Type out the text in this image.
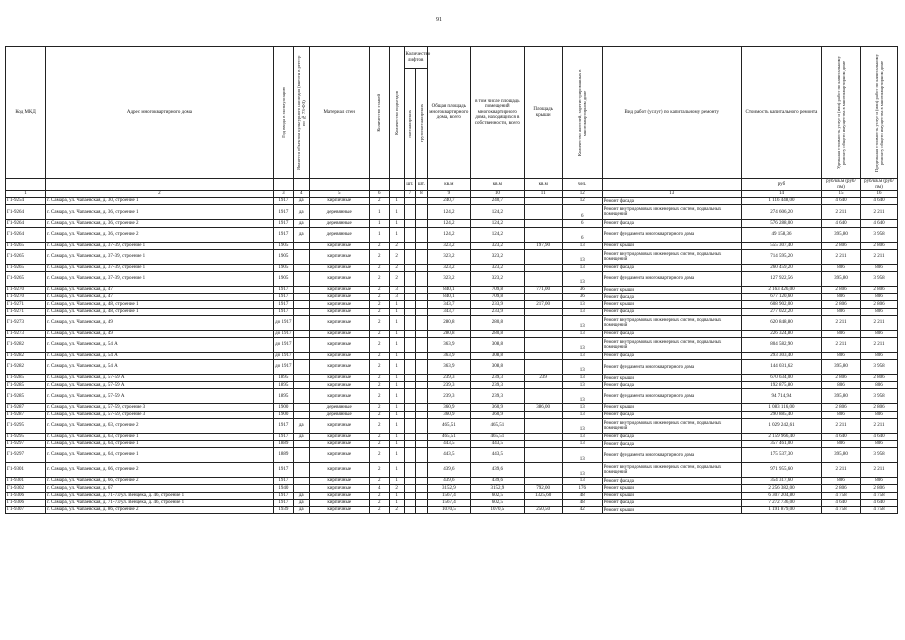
91
Код МКД	Адрес многоквартирного дома	Год ввода в эксплуатацию	Является объектом культурного наследия (внесен в реестр по № 73-ФЗ)	Материал стен	Количество этажей	Количество подъездов	Количество лифтов		Общая площадь многоквартирного дома, всего	в том числе площадь помещений многоквартирного дома, находящихся в собственности, всего	Площадь крыши	Количество жителей, зарегистрированных в многоквартирном доме	Вид работ (услуг) по капитальному ремонту	Стоимость капитального ремонта	Удельная стоимость услуг и (или) работ по капитальному ремонту общего имущества в многоквартирном доме	Предельная стоимость услуг и (или) работ по капитальному ремонту общего имущества в многоквартирном доме

							пассажирских	грузопассажирских								

							шт.	шт.	кв.м	кв.м	кв.м	чел.		руб	руб/кв.м (руб/пм)	руб/кв.м (руб/пм)
1	2	3	4	5	6		7	8	9	10	11	12	13	14	15	16
Г1-9254	г. Самара, ул. Чапаевская, д. 30, строение 1	1917	да	кирпичные	2	1			240,7	240,7		12	Ремонт фасада	1 116 448,00	4 640	4 640
Г1-9264	г. Самара, ул. Чапаевская, д. 36, строение 1	1917	да	деревянные	1	1			124,2	124,2		6	Ремонт внутридомовых инженерных систем, подвальных помещений	274 606,20	2 211	2 211
Г1-9264	г. Самара, ул. Чапаевская, д. 36, строение 2	1917	да	деревянные	1	1			124,2	124,2		6	Ремонт фасада	576 288,00	4 640	4 640
Г1-9264	г. Самара, ул. Чапаевская, д. 36, строение 2	1917	да	деревянные	1	1			124,2	124,2		6	Ремонт фундамента многоквартирного дома	49 158,36	395,80	3 958
Г1-9265	г. Самара, ул. Чапаевская, д. 37-39, строение 1	1905		кирпичные	2	2			323,2	323,2	197,90	13	Ремонт крыши	555 307,40	2 806	2 806
Г1-9265	г. Самара, ул. Чапаевская, д. 37-39, строение 1	1905		кирпичные	2	2			323,2	323,2		13	Ремонт внутридомовых инженерных систем, подвальных помещений	714 595,20	2 211	2 211
Г1-9265	г. Самара, ул. Чапаевская, д. 37-39, строение 1	1905		кирпичные	2	2			323,2	323,2		13	Ремонт фасада	260 459,20	806	806
Г1-9265	г. Самара, ул. Чапаевская, д. 37-39, строение 1	1905		кирпичные	2	2			323,2	323,2		13	Ремонт фундамента многоквартирного дома	127 922,56	395,80	3 958
Г1-9270	г. Самара, ул. Чапаевская, д. 47	1917		кирпичные	2	3			840,1	709,8	771,00	36	Ремонт крыши	2 163 426,00	2 806	2 806
Г1-9270	г. Самара, ул. Чапаевская, д. 47	1917		кирпичные	2	3			840,1	709,8		36	Ремонт фасада	677 120,60	806	806
Г1-9271	г. Самара, ул. Чапаевская, д. 48, строение 1	1917		кирпичные	2	1			343,7	233,9	217,00	13	Ремонт крыши	608 902,00	2 806	2 806
Г1-9271	г. Самара, ул. Чапаевская, д. 48, строение 1	1917		кирпичные	2	1			343,7	233,9		13	Ремонт фасада	277 022,20	806	806
Г1-9273	г. Самара, ул. Чапаевская, д. 49	до 1917		кирпичные	2	1			280,8	280,8		13	Ремонт внутридомовых инженерных систем, подвальных помещений	620 848,80	2 211	2 211
Г1-9273	г. Самара, ул. Чапаевская, д. 49	до 1917		кирпичные	2	1			280,8	280,8		13	Ремонт фасада	226 324,80	806	806
Г1-9282	г. Самара, ул. Чапаевская, д. 54 А	до 1917		кирпичные	2	1			363,9	308,8		13	Ремонт внутридомовых инженерных систем, подвальных помещений	804 582,90	2 211	2 211
Г1-9282	г. Самара, ул. Чапаевская, д. 54 А	до 1917		кирпичные	2	1			363,9	308,8		13	Ремонт фасада	293 303,40	806	806
Г1-9282	г. Самара, ул. Чапаевская, д. 54 А	до 1917		кирпичные	2	1			363,9	308,8		13	Ремонт фундамента многоквартирного дома	144 031,62	395,80	3 958
Г1-9285	г. Самара, ул. Чапаевская, д. 57-59 А	1895		кирпичные	2	1			239,3	239,3	239	13	Ремонт крыши	670 634,00	2 806	2 806
Г1-9285	г. Самара, ул. Чапаевская, д. 57-59 А	1895		кирпичные	2	1			239,3	239,3		13	Ремонт фасада	192 875,80	806	806
Г1-9285	г. Самара, ул. Чапаевская, д. 57-59 А	1895		кирпичные	2	1			239,3	239,3		13	Ремонт фундамента многоквартирного дома	94 714,94	395,80	3 958
Г1-9287	г. Самара, ул. Чапаевская, д. 57-59, строение 3	1900		деревянные	2	1			360,9	360,9	386,00	13	Ремонт крыши	1 083 116,00	2 806	2 806
Г1-9287	г. Самара, ул. Чапаевская, д. 57-59, строение 3	1900		деревянные	2	1			360,9	360,9		13	Ремонт фасада	290 885,40	806	806
Г1-9295	г. Самара, ул. Чапаевская, д. 63, строение 2	1917	да	кирпичные	2	1			465,51	465,51		13	Ремонт внутридомовых инженерных систем, подвальных помещений	1 029 242,61	2 211	2 211
Г1-9295	г. Самара, ул. Чапаевская, д. 63, строение 1	1917	да	кирпичные	2	1			465,51	465,51		13	Ремонт фасада	2 159 966,40	4 640	4 640
Г1-9297	г. Самара, ул. Чапаевская, д. 64, строение 1	1889		кирпичные	2	1			443,5	443,5		13	Ремонт фасада	357 461,00	806	806
Г1-9297	г. Самара, ул. Чапаевская, д. 64, строение 1	1889		кирпичные	2	1			443,5	443,5		13	Ремонт фундамента многоквартирного дома	175 537,30	395,80	3 958
Г1-9301	г. Самара, ул. Чапаевская, д. 66, строение 2	1917		кирпичные	2	1			439,6	439,6		13	Ремонт внутридомовых инженерных систем, подвальных помещений	971 955,60	2 211	2 211
Г1-9301	г. Самара, ул. Чапаевская, д. 66, строение 2	1917		кирпичные	2	1			439,6	439,6		13	Ремонт фасада	354 317,60	806	806
Г1-9302	г. Самара, ул. Чапаевская, д. 67	1940		кирпичные	4	2			3152,9	3152,9	792,00	176	Ремонт крыши	2 256 382,00	2 806	2 806
Г1-9306	г. Самара, ул. Чапаевская, д. 71-73/ул. Венцека, д. 46, строение 1	1917	да	кирпичные	2	1			1567,4	602,5	1325,60	48	Ремонт крыши	6 307 204,80	4 758	4 758
Г1-9306	г. Самара, ул. Чапаевская, д. 71-73/ул. Венцека, д. 46, строение 1	1917	да	кирпичные	2	1			1567,4	602,5		48	Ремонт фасада	7 272 736,00	4 640	4 640
Г1-9307	г. Самара, ул. Чапаевская, д. 86, строение 2	1939	да	кирпичные	2	2			1070,5	1070,5	250,50	42	Ремонт крыши	1 191 879,00	4 758	4 758
